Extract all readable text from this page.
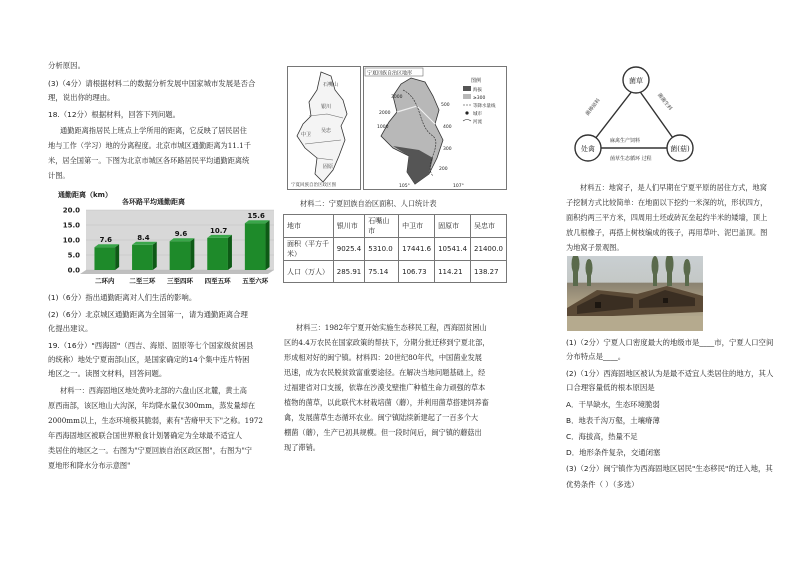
分析原因。
(3)（4分）请根据材料二的数据分析发展中国家城市发展是否合
理，说出你的理由。
18.（12分）根据材料，回答下列问题。
通勤距离指居民上班点上学所用的距离，它反映了居民居住
地与工作（学习）地的分离程度。北京市城区通勤距离为11.1千
米，居全国第一。下图为北京市城区各环路居民平均通勤距离统
计图。
通勤距离（km）
各环路平均通勤距离
20.0
15.0
10.0
5.0
0.0
7.6
二环内
8.4
二至三环
9.6
三至四环
10.7
四至五环
15.6
五至六环
(1)（6分）指出通勤距离对人们生活的影响。
(2)（6分）北京城区通勤距离为全国第一，请为通勤距离合理
化提出建议。
19.（16分）"西海固"（西吉、海原、固原等七个国家级贫困县
的统称）地处宁夏南部山区，是国家确定的14个集中连片特困
地区之一。读图文材料，回答问题。
材料一：西海固地区地处黄吟北部的六盘山区北麓，黄土高
原西南部，该区地山大沟深，年均降水量仅300mm，蒸发量却在
2000mm以上，生态环境极其脆弱，素有"苦瘠甲天下"之称。1972
年西海固地区被联合国世界粮食计划署确定为全球最不适宜人
类居住的地区之一。右图为"宁夏回族自治区政区图"，右图为"宁
夏地形和降水分布示意图"
石嘴山
银川
吴忠
中卫
固原
宁夏回族自治区政区图
宁夏回族自治区地形
3000
2000
1000
500
400
300
200
图例
海拔
≥300
等降水量线
城市
河流
105°	107°
材料二：宁夏回族自治区面积、人口统计表
地市	银川市	石嘴山市	中卫市	固原市	吴忠市
面积（平方千米）	9025.4	5310.0	17441.6	10541.4	21400.0
人口（万人）	285.91	75.14	106.73	114.21	138.27
材料三：1982年宁夏开始实施生态移民工程，西海固贫困山
区的4.4万农民在国家政策的帮扶下，分期分批迁移到宁夏北部，
形成相对好的闽宁镇。材料四：20世纪80年代，中国菌业发展
迅速，成为农民脱贫致富重要途径。在解决当地问题基础上，经
过福建省对口支援，依靠在沙漠戈壁推广种植生命力顽强的草本
植物的菌草，以此联代木材栽培菌（蘑），并利用菌草搭建饲养畜
禽，发展菌草生态循环农业。闽宁镇陆续新建起了一百多个大
棚菌（蘑），生产已初具规模。但一段时间后，闽宁镇的蘑菇出
现了滞销。
菌草
处禽	菌(菇)
菌棒原料	菌菌生料
麻禽生产饲料
菌草生态循环 过程
材料五：地窝子，是人们早期在宁夏平原的居住方式，地窝
子挖制方式比较简单：在地面以下挖约一米深的坑，形状四方，
面积约两三平方米，四周用土坯或砖瓦垒起约半米的矮墙，顶上
放几根橡子，再搭上树枝编成的筏子，再用草叶、泥巴盖顶。图
为地窝子景观图。
(1)（2分）宁夏人口密度最大的地级市是____市，宁夏人口空间
分布特点是____。
(2)（1分）西海固地区被认为是最不适宜人类居住的地方，其人
口合理容量低的根本原因是
A．干旱缺水，生态环境脆弱
B．地表千沟万壑，土壤瘠薄
C．海拔高，热量不足
D．地形条件复杂，交通闭塞
(3)（2分）闽宁镇作为西海固地区居民"生态移民"的迁入地，其
优势条件（ ）（多选）
